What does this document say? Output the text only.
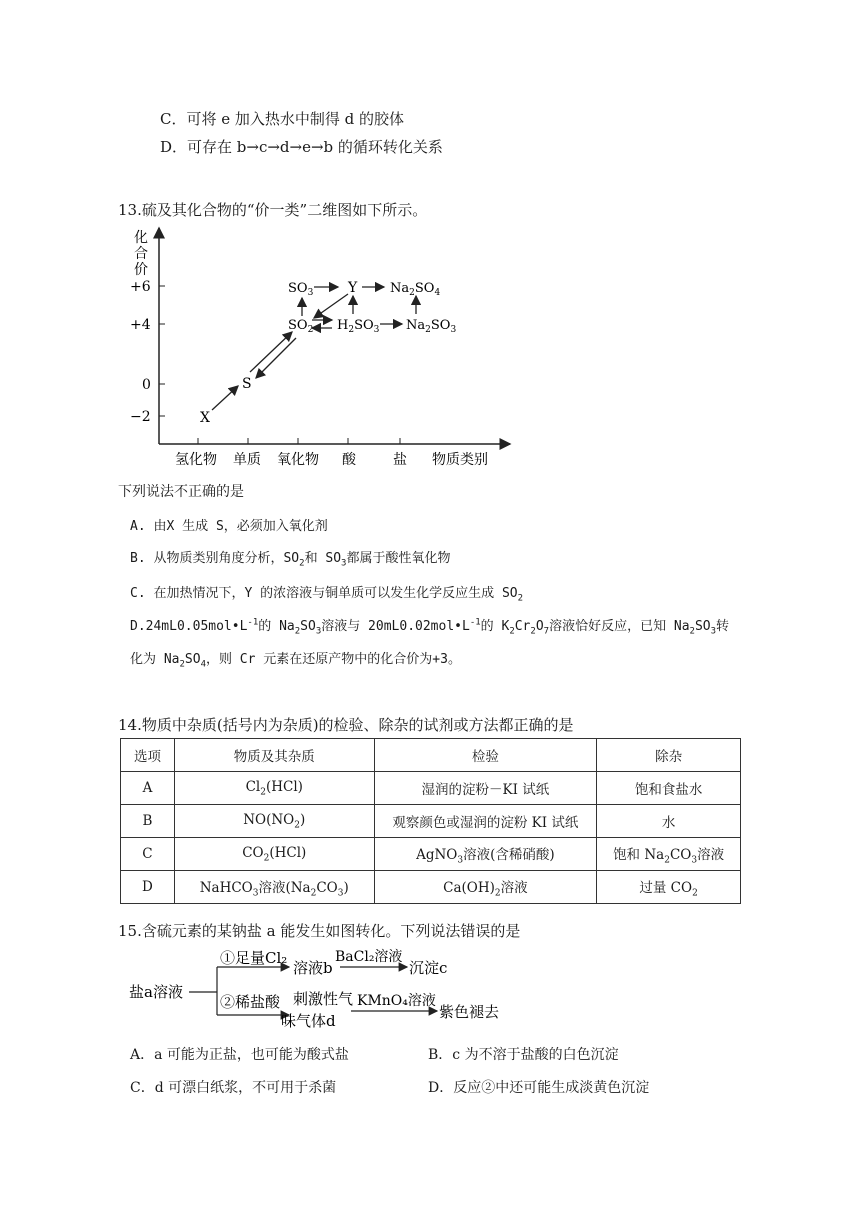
C．可将 e 加入热水中制得 d 的胶体
D．可存在 b→c→d→e→b 的循环转化关系
13.硫及其化合物的“价一类”二维图如下所示。
化
合
价
+6
+4
0
−2
氢化物 单质 氧化物 酸	盐 物质类别
X
S
$SO_3$ Y	$Na_2SO_4$
$SO_2$ $H_2SO_3$ $Na_2SO_3$
下列说法不正确的是
A. 由X 生成 S，必须加入氧化剂
B. 从物质类别角度分析，$SO_2$和 $SO_3$都属于酸性氧化物
C. 在加热情况下，Y 的浓溶液与铜单质可以发生化学反应生成 $SO_2$
$D.24mL0.05mol•L^{-1}$的 $Na_2SO_3$溶液与 $20mL0.02mol•L^{-1}$的 $K_2Cr_2O_7$溶液恰好反应，已知 $Na_2SO_3$转
化为 $Na_2SO_4$，则 Cr 元素在还原产物中的化合价为+3。
14.物质中杂质(括号内为杂质)的检验、除杂的试剂或方法都正确的是
选项	物质及其杂质	检验	除杂
A	$Cl_2(HCl)$	湿润的淀粉－KI 试纸	饱和食盐水
B	$NO(NO_2)$	观察颜色或湿润的淀粉 KI 试纸	水
C	$CO_2(HCl)$	AgNO$_3$溶液(含稀硝酸)	饱和 $Na_2CO_3$溶液
D	NaHCO$_3$溶液$(Na_2CO_3)$	$Ca(OH)_2$溶液	过量 $CO_2$
15.含硫元素的某钠盐 a 能发生如图转化。下列说法错误的是
盐a溶液
①足量Cl₂
溶液b
BaCl₂溶液
沉淀c
②稀盐酸 刺激性气
味气体d
KMnO₄溶液
紫色褪去
A．a 可能为正盐，也可能为酸式盐	B．c 为不溶于盐酸的白色沉淀
C．d 可漂白纸浆，不可用于杀菌	D．反应②中还可能生成淡黄色沉淀
